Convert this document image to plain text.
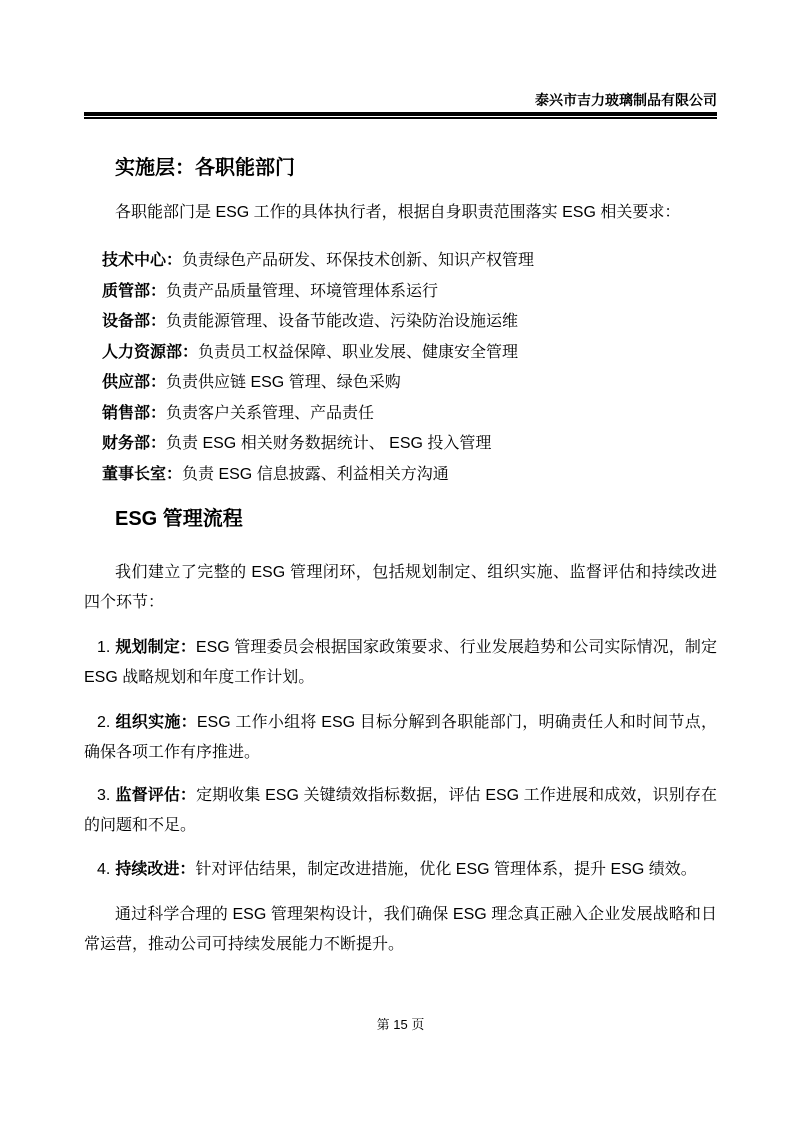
泰兴市吉力玻璃制品有限公司
实施层：各职能部门

各职能部门是 ESG 工作的具体执行者，根据自身职责范围落实 ESG 相关要求：

技术中心：负责绿色产品研发、环保技术创新、知识产权管理

质管部：负责产品质量管理、环境管理体系运行

设备部：负责能源管理、设备节能改造、污染防治设施运维

人力资源部：负责员工权益保障、职业发展、健康安全管理

供应部：负责供应链 ESG 管理、绿色采购

销售部：负责客户关系管理、产品责任

财务部：负责 ESG 相关财务数据统计、 ESG 投入管理

董事长室：负责 ESG 信息披露、利益相关方沟通

ESG 管理流程

我们建立了完整的 ESG 管理闭环，包括规划制定、组织实施、监督评估和持续改进四个环节：

1. 规划制定：ESG 管理委员会根据国家政策要求、行业发展趋势和公司实际情况，制定 ESG 战略规划和年度工作计划。

2. 组织实施：ESG 工作小组将 ESG 目标分解到各职能部门，明确责任人和时间节点，确保各项工作有序推进。

3. 监督评估：定期收集 ESG 关键绩效指标数据，评估 ESG 工作进展和成效，识别存在的问题和不足。

4. 持续改进：针对评估结果，制定改进措施，优化 ESG 管理体系，提升 ESG 绩效。

通过科学合理的 ESG 管理架构设计，我们确保 ESG 理念真正融入企业发展战略和日常运营，推动公司可持续发展能力不断提升。

第 15 页
